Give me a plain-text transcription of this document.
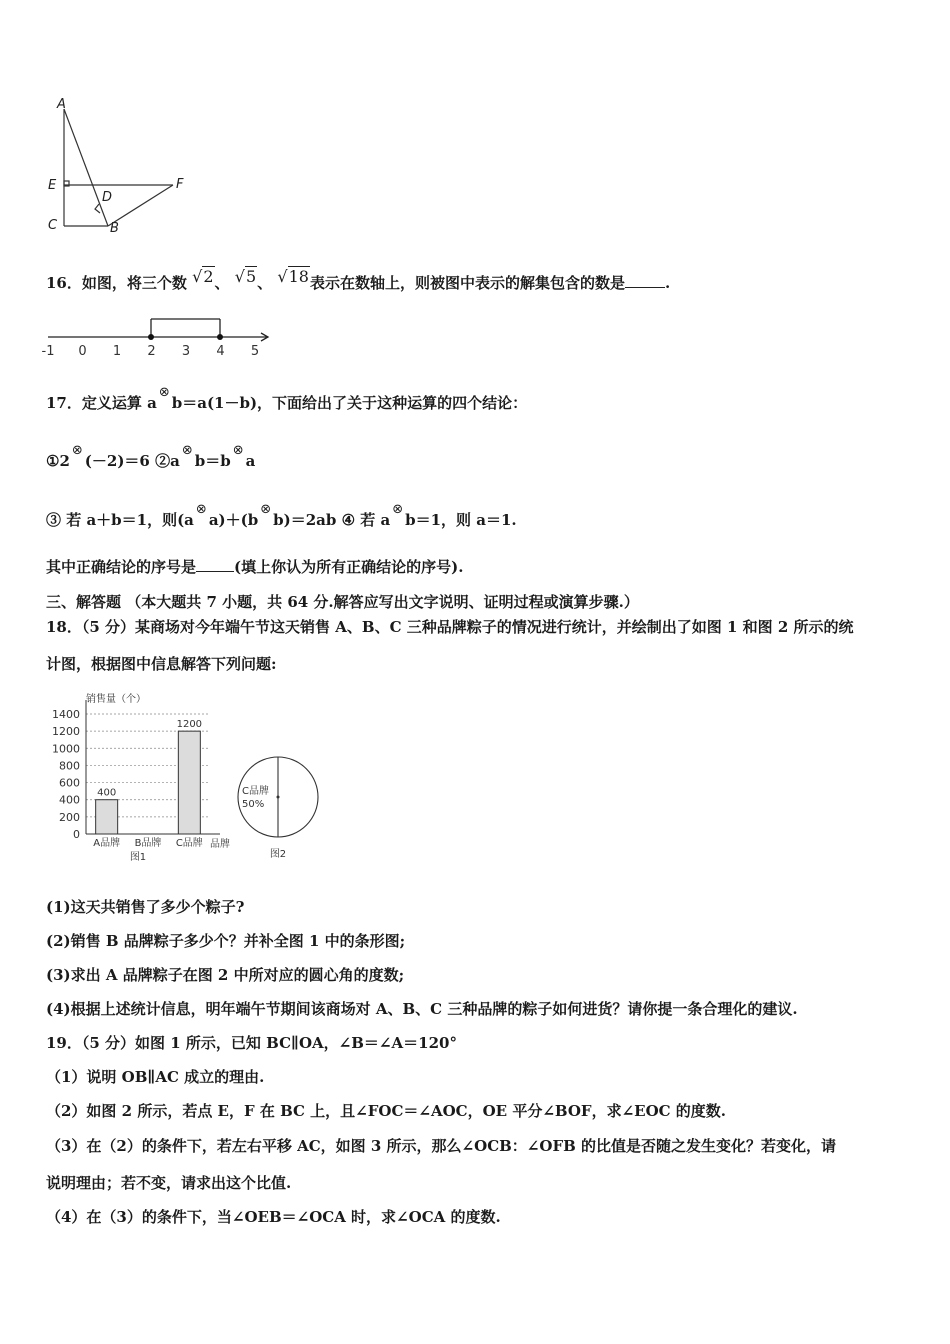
A
E
D
F
C	B
16．如图，将三个数 √2、 √5、 √18表示在数轴上，则被图中表示的解集包含的数是	.
-1 0 1 2 3 4 5
17．定义运算 a⊗b＝a(1－b)，下面给出了关于这种运算的四个结论：
①2⊗(－2)＝6 ②a⊗b＝b⊗a
③ 若 a＋b＝1，则(a⊗a)＋(b⊗b)＝2ab ④ 若 a⊗b＝1，则 a＝1.
其中正确结论的序号是	(填上你认为所有正确结论的序号).
三、解答题 （本大题共 7 小题，共 64 分.解答应写出文字说明、证明过程或演算步骤.）
18．（5 分）某商场对今年端午节这天销售 A、B、C 三种品牌粽子的情况进行统计，并绘制出了如图 1 和图 2 所示的统
计图，根据图中信息解答下列问题:
0
200
400
600
800
1000
1200
1400
销售量（个）
400
A品牌 B品牌
1200
C品牌 品牌
图1
C品牌
50%
图2
(1)这天共销售了多少个粽子?
(2)销售 B 品牌粽子多少个？并补全图 1 中的条形图;
(3)求出 A 品牌粽子在图 2 中所对应的圆心角的度数;
(4)根据上述统计信息，明年端午节期间该商场对 A、B、C 三种品牌的粽子如何进货？请你提一条合理化的建议.
19．（5 分）如图 1 所示，已知 BC∥OA，∠B＝∠A＝120°
（1）说明 OB∥AC 成立的理由.
（2）如图 2 所示，若点 E，F 在 BC 上，且∠FOC＝∠AOC，OE 平分∠BOF，求∠EOC 的度数.
（3）在（2）的条件下，若左右平移 AC，如图 3 所示，那么∠OCB：∠OFB 的比值是否随之发生变化？若变化，请
说明理由；若不变，请求出这个比值.
（4）在（3）的条件下，当∠OEB＝∠OCA 时，求∠OCA 的度数.
